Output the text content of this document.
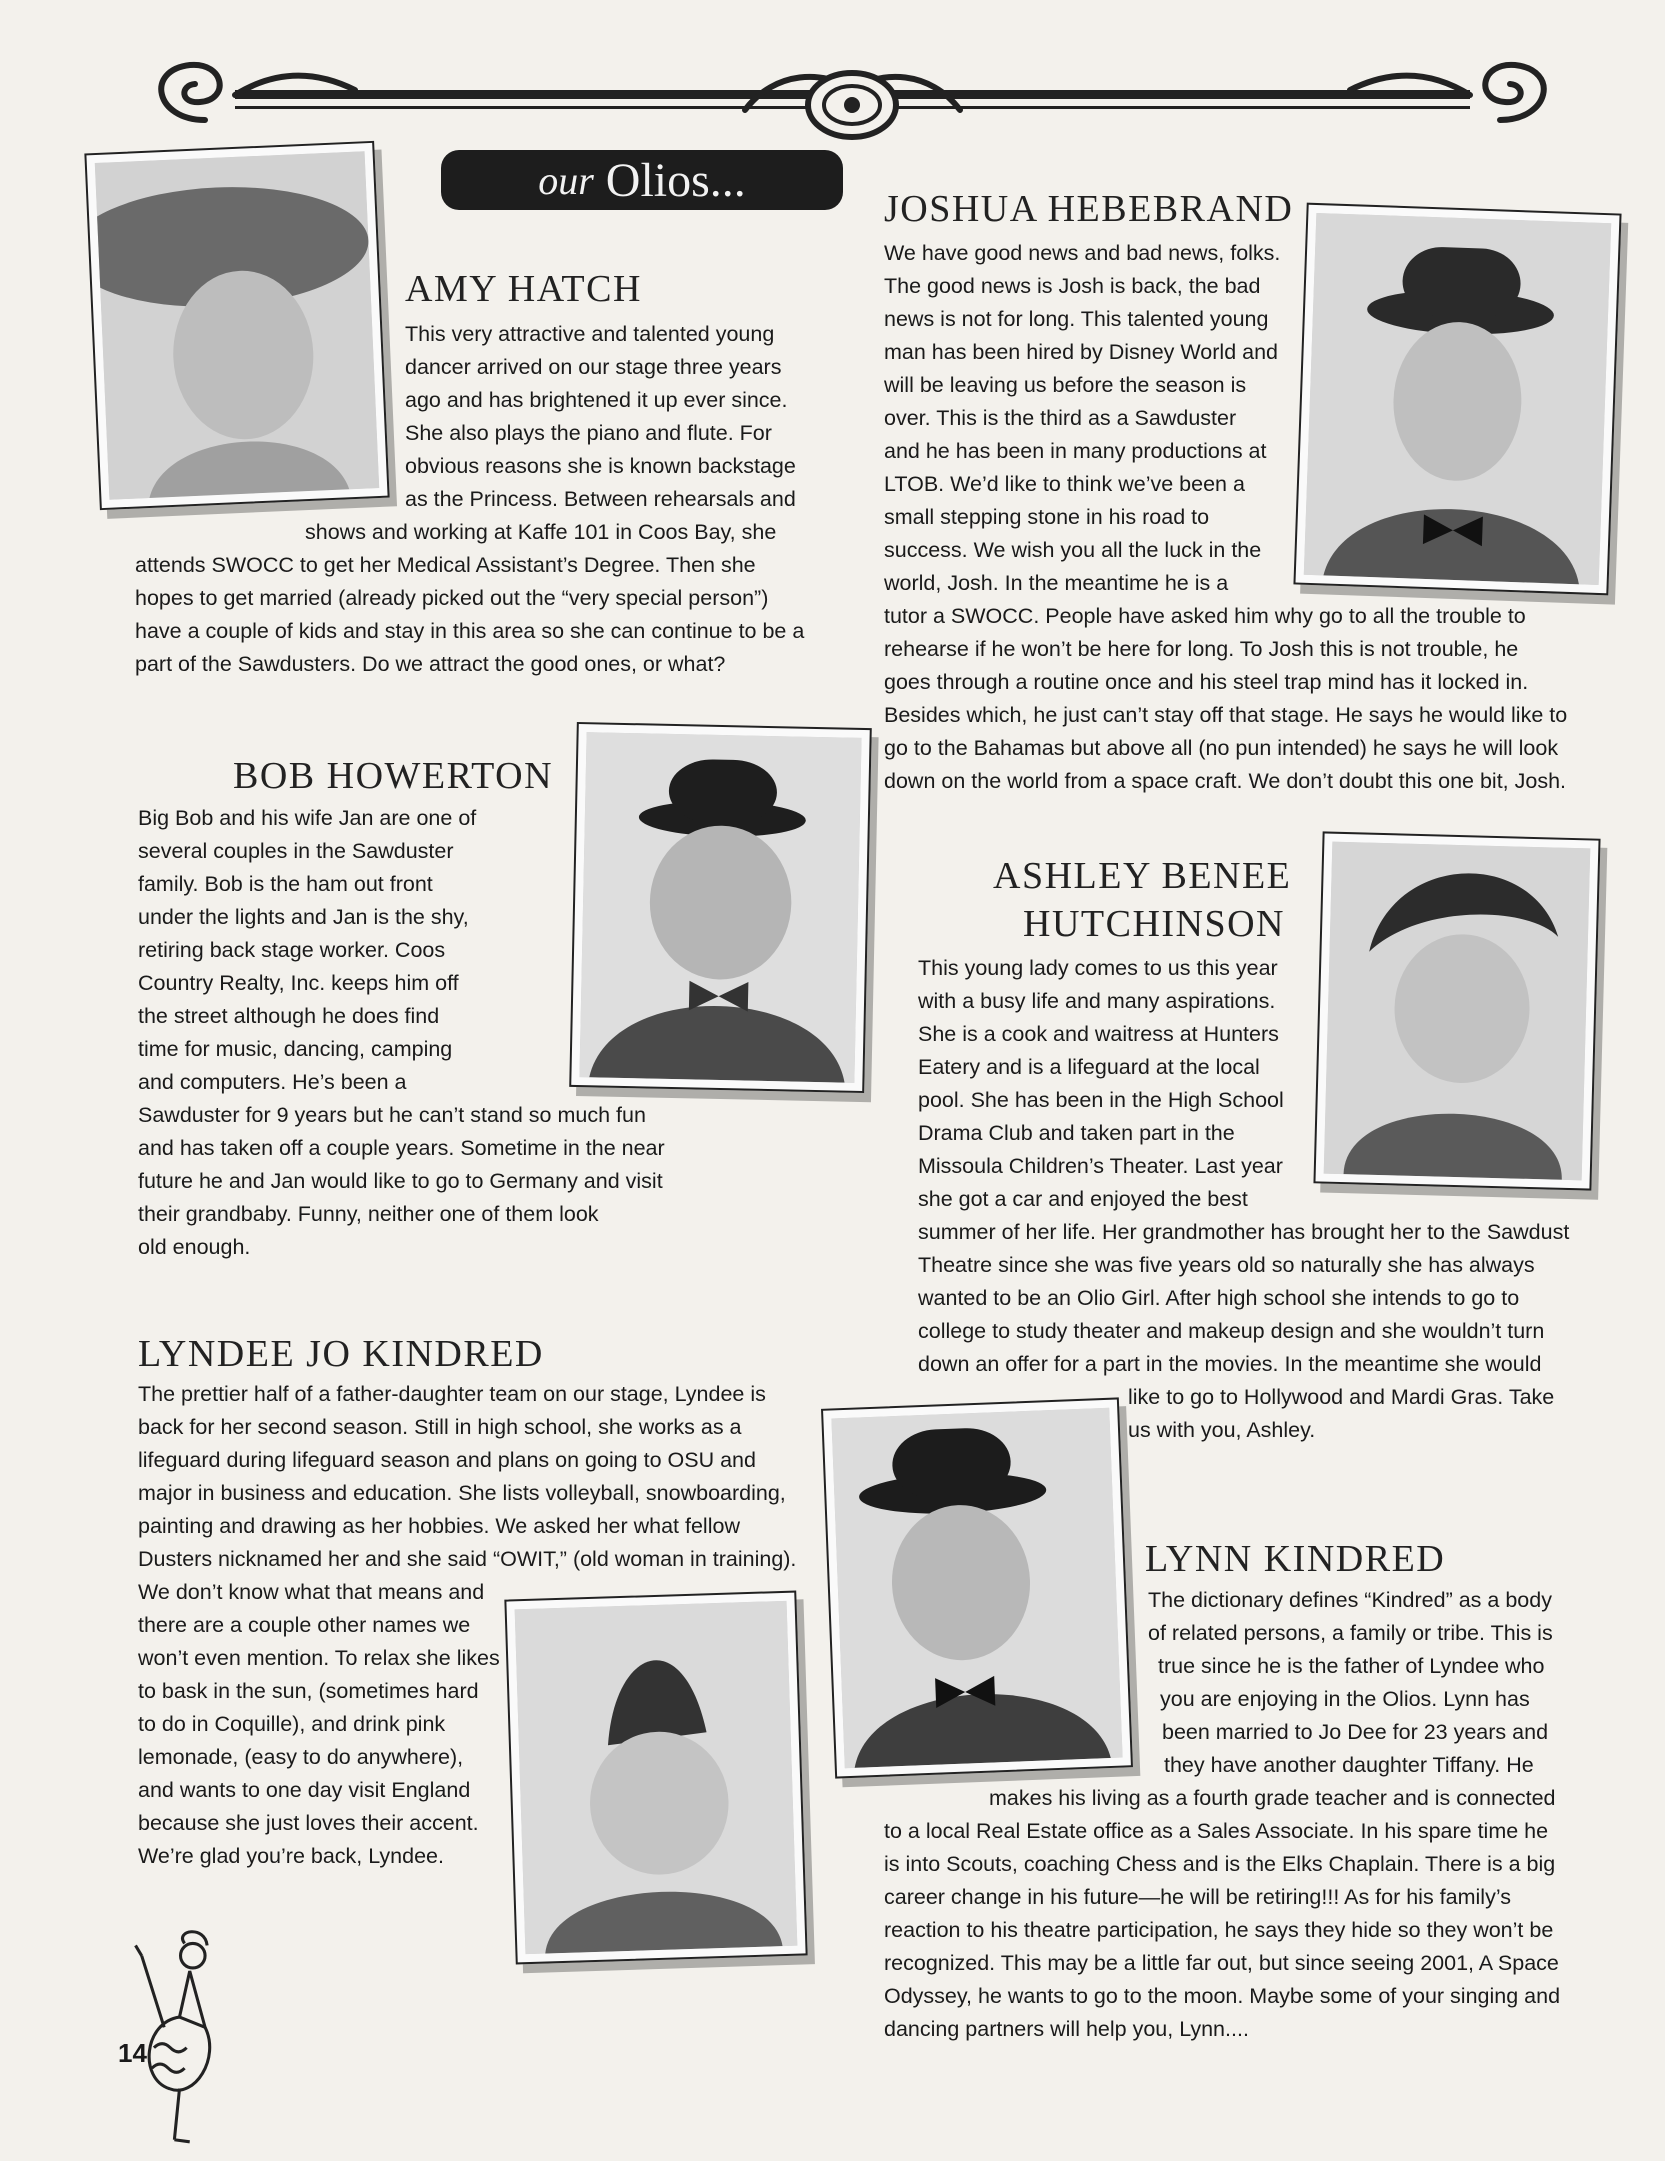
our Olios...
AMY HATCH
This very attractive and talented young
dancer arrived on our stage three years
ago and has brightened it up ever since.
She also plays the piano and flute. For
obvious reasons she is known backstage
as the Princess. Between rehearsals and
shows and working at Kaffe 101 in Coos Bay, she
attends SWOCC to get her Medical Assistant’s Degree. Then she
hopes to get married (already picked out the “very special person”)
have a couple of kids and stay in this area so she can continue to be a
part of the Sawdusters. Do we attract the good ones, or what?
JOSHUA HEBEBRAND
We have good news and bad news, folks.
The good news is Josh is back, the bad
news is not for long. This talented young
man has been hired by Disney World and
will be leaving us before the season is
over. This is the third as a Sawduster
and he has been in many productions at
LTOB. We’d like to think we’ve been a
small stepping stone in his road to
success. We wish you all the luck in the
world, Josh. In the meantime he is a
tutor a SWOCC. People have asked him why go to all the trouble to
rehearse if he won’t be here for long. To Josh this is not trouble, he
goes through a routine once and his steel trap mind has it locked in.
Besides which, he just can’t stay off that stage. He says he would like to
go to the Bahamas but above all (no pun intended) he says he will look
down on the world from a space craft. We don’t doubt this one bit, Josh.
BOB HOWERTON
Big Bob and his wife Jan are one of
several couples in the Sawduster
family. Bob is the ham out front
under the lights and Jan is the shy,
retiring back stage worker. Coos
Country Realty, Inc. keeps him off
the street although he does find
time for music, dancing, camping
and computers. He’s been a
Sawduster for 9 years but he can’t stand so much fun
and has taken off a couple years. Sometime in the near
future he and Jan would like to go to Germany and visit
their grandbaby. Funny, neither one of them look
old enough.
ASHLEY BENEE
HUTCHINSON
This young lady comes to us this year
with a busy life and many aspirations.
She is a cook and waitress at Hunters
Eatery and is a lifeguard at the local
pool. She has been in the High School
Drama Club and taken part in the
Missoula Children’s Theater. Last year
she got a car and enjoyed the best
summer of her life. Her grandmother has brought her to the Sawdust
Theatre since she was five years old so naturally she has always
wanted to be an Olio Girl. After high school she intends to go to
college to study theater and makeup design and she wouldn’t turn
down an offer for a part in the movies. In the meantime she would
like to go to Hollywood and Mardi Gras. Take
us with you, Ashley.
LYNDEE JO KINDRED
The prettier half of a father-daughter team on our stage, Lyndee is
back for her second season. Still in high school, she works as a
lifeguard during lifeguard season and plans on going to OSU and
major in business and education. She lists volleyball, snowboarding,
painting and drawing as her hobbies. We asked her what fellow
Dusters nicknamed her and she said “OWIT,” (old woman in training).
We don’t know what that means and
there are a couple other names we
won’t even mention. To relax she likes
to bask in the sun, (sometimes hard
to do in Coquille), and drink pink
lemonade, (easy to do anywhere),
and wants to one day visit England
because she just loves their accent.
We’re glad you’re back, Lyndee.
LYNN KINDRED
The dictionary defines “Kindred” as a body
of related persons, a family or tribe. This is
true since he is the father of Lyndee who
you are enjoying in the Olios. Lynn has
been married to Jo Dee for 23 years and
they have another daughter Tiffany. He
makes his living as a fourth grade teacher and is connected
to a local Real Estate office as a Sales Associate. In his spare time he
is into Scouts, coaching Chess and is the Elks Chaplain. There is a big
career change in his future—he will be retiring!!! As for his family’s
reaction to his theatre participation, he says they hide so they won’t be
recognized. This may be a little far out, but since seeing 2001, A Space
Odyssey, he wants to go to the moon. Maybe some of your singing and
dancing partners will help you, Lynn....
14
